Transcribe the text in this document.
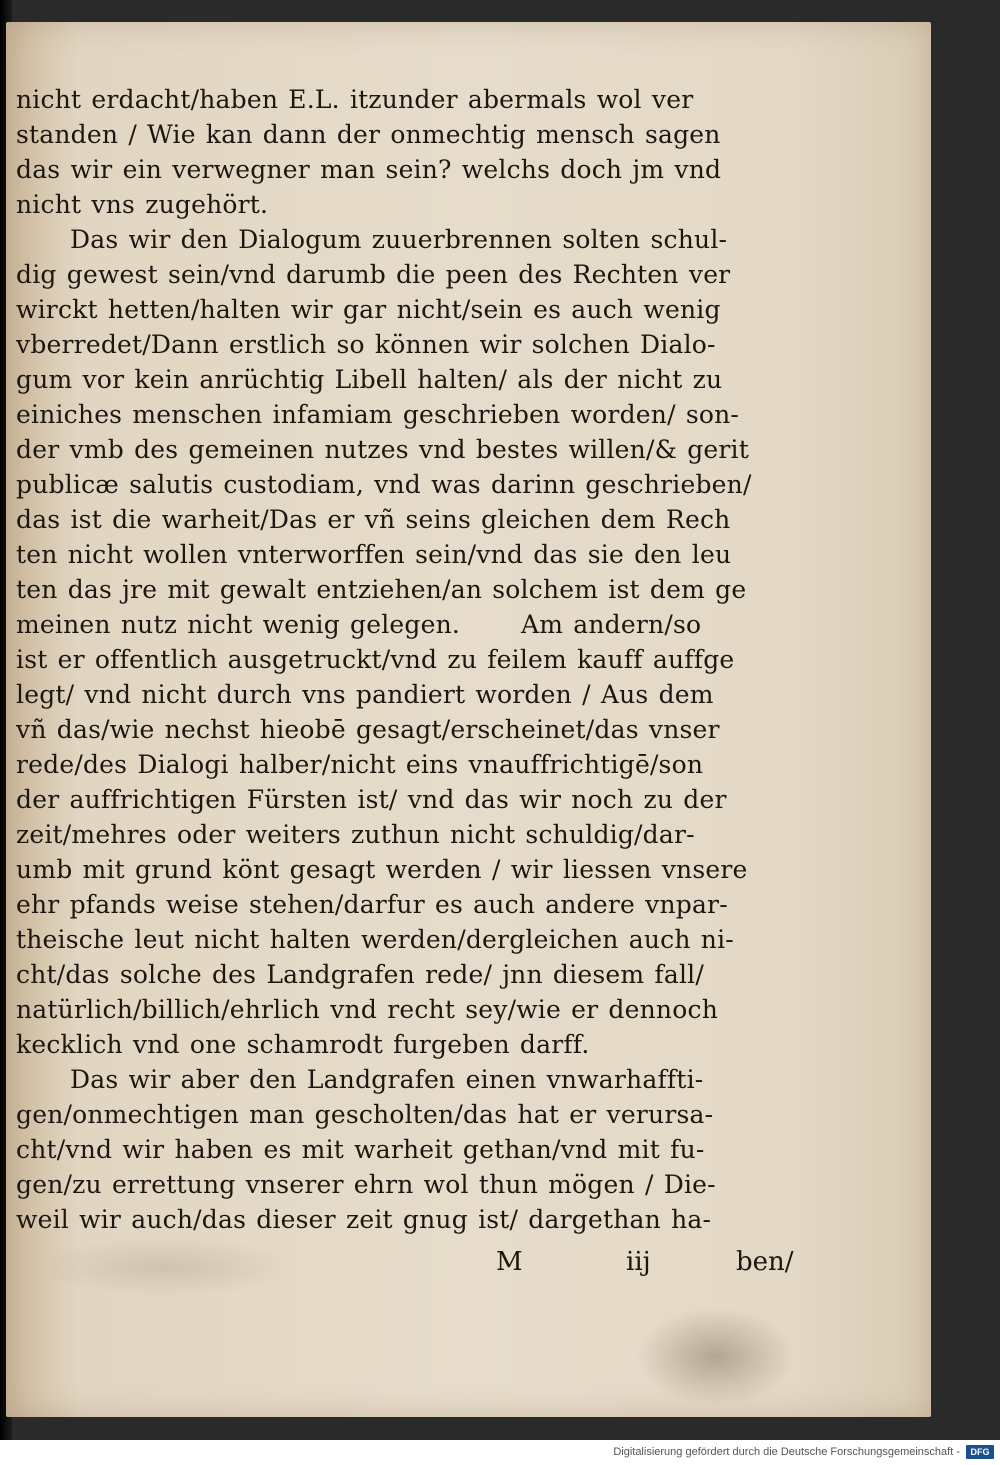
nicht erdacht/haben E.L. itzunder abermals wol ver
standen / Wie kan dann der onmechtig mensch sagen
das wir ein verwegner man sein? welchs doch jm vnd
nicht vns zugehört.
Das wir den Dialogum zuuerbrennen solten schul-
dig gewest sein/vnd darumb die peen des Rechten ver
wirckt hetten/halten wir gar nicht/sein es auch wenig
vberredet/Dann erstlich so können wir solchen Dialo-
gum vor kein anrüchtig Libell halten/ als der nicht zu
einiches menschen infamiam geschrieben worden/ son-
der vmb des gemeinen nutzes vnd bestes willen/& gerit
publicæ salutis custodiam, vnd was darinn geschrieben/
das ist die warheit/Das er vñ seins gleichen dem Rech
ten nicht wollen vnterworffen sein/vnd das sie den leu
ten das jre mit gewalt entziehen/an solchem ist dem ge
meinen nutz nicht wenig gelegen.      Am andern/so
ist er offentlich ausgetruckt/vnd zu feilem kauff auffge
legt/ vnd nicht durch vns pandiert worden / Aus dem
vñ das/wie nechst hieobē gesagt/erscheinet/das vnser
rede/des Dialogi halber/nicht eins vnauffrichtigē/son
der auffrichtigen Fürsten ist/ vnd das wir noch zu der
zeit/mehres oder weiters zuthun nicht schuldig/dar-
umb mit grund könt gesagt werden / wir liessen vnsere
ehr pfands weise stehen/darfur es auch andere vnpar-
theische leut nicht halten werden/dergleichen auch ni-
cht/das solche des Landgrafen rede/ jnn diesem fall/
natürlich/billich/ehrlich vnd recht sey/wie er dennoch
kecklich vnd one schamrodt furgeben darff.
Das wir aber den Landgrafen einen vnwarhaffti-
gen/onmechtigen man gescholten/das hat er verursa-
cht/vnd wir haben es mit warheit gethan/vnd mit fu-
gen/zu errettung vnserer ehrn wol thun mögen / Die-
weil wir auch/das dieser zeit gnug ist/ dargethan ha-
M	iij	ben/
Digitalisierung gefördert durch die Deutsche Forschungsgemeinschaft -	DFG
